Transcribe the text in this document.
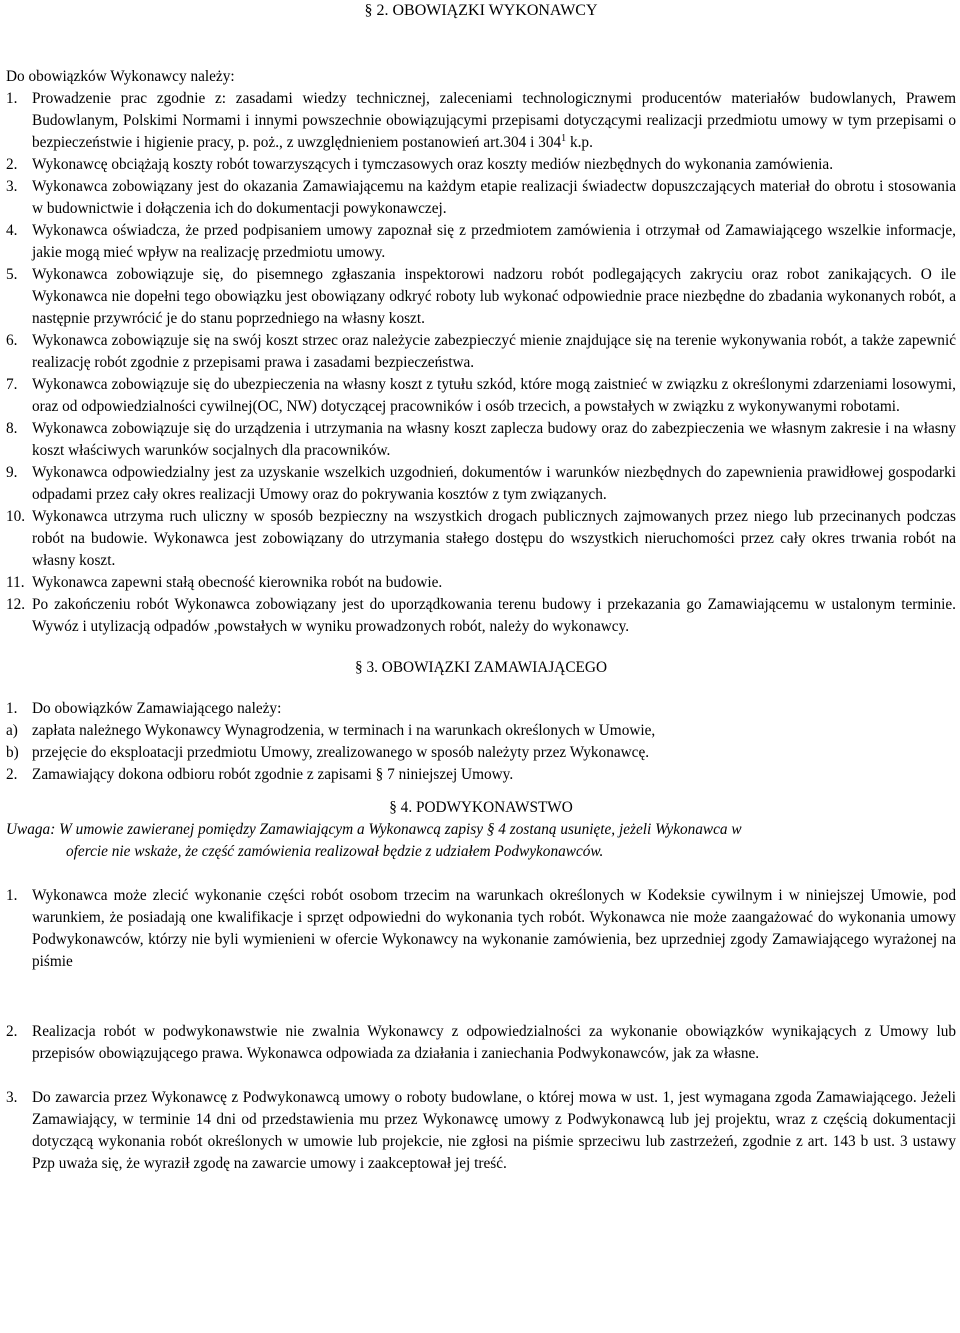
§ 2. OBOWIĄZKI WYKONAWCY
Do obowiązków Wykonawcy należy:
1. Prowadzenie prac zgodnie z: zasadami wiedzy technicznej, zaleceniami technologicznymi producentów materiałów budowlanych, Prawem Budowlanym, Polskimi Normami i innymi powszechnie obowiązującymi przepisami dotyczącymi realizacji przedmiotu umowy w tym przepisami o bezpieczeństwie i higienie pracy, p. poż., z uwzględnieniem postanowień art.304 i $304^1$ k.p.
2. Wykonawcę obciążają koszty robót towarzyszących i tymczasowych oraz koszty mediów niezbędnych do wykonania zamówienia.
3. Wykonawca zobowiązany jest do okazania Zamawiającemu na każdym etapie realizacji świadectw dopuszczających materiał do obrotu i stosowania w budownictwie i dołączenia ich do dokumentacji powykonawczej.
4. Wykonawca oświadcza, że przed podpisaniem umowy zapoznał się z przedmiotem zamówienia i otrzymał od Zamawiającego wszelkie informacje, jakie mogą mieć wpływ na realizację przedmiotu umowy.
5. Wykonawca zobowiązuje się, do pisemnego zgłaszania inspektorowi nadzoru robót podlegających zakryciu oraz robot zanikających. O ile Wykonawca nie dopełni tego obowiązku jest obowiązany odkryć roboty lub wykonać odpowiednie prace niezbędne do zbadania wykonanych robót, a następnie przywrócić je do stanu poprzedniego na własny koszt.
6. Wykonawca zobowiązuje się na swój koszt strzec oraz należycie zabezpieczyć mienie znajdujące się na terenie wykonywania robót, a także zapewnić realizację robót zgodnie z przepisami prawa i zasadami bezpieczeństwa.
7. Wykonawca zobowiązuje się do ubezpieczenia na własny koszt z tytułu szkód, które mogą zaistnieć w związku z określonymi zdarzeniami losowymi, oraz od odpowiedzialności cywilnej(OC, NW) dotyczącej pracowników i osób trzecich, a powstałych w związku z wykonywanymi robotami.
8. Wykonawca zobowiązuje się do urządzenia i utrzymania na własny koszt zaplecza budowy oraz do zabezpieczenia we własnym zakresie i na własny koszt właściwych warunków socjalnych dla pracowników.
9. Wykonawca odpowiedzialny jest za uzyskanie wszelkich uzgodnień, dokumentów i warunków niezbędnych do zapewnienia prawidłowej gospodarki odpadami przez cały okres realizacji Umowy oraz do pokrywania kosztów z tym związanych.
10. Wykonawca utrzyma ruch uliczny w sposób bezpieczny na wszystkich drogach publicznych zajmowanych przez niego lub przecinanych podczas robót na budowie. Wykonawca jest zobowiązany do utrzymania stałego dostępu do wszystkich nieruchomości przez cały okres trwania robót na własny koszt.
11. Wykonawca zapewni stałą obecność kierownika robót na budowie.
12. Po zakończeniu robót Wykonawca zobowiązany jest do uporządkowania terenu budowy i przekazania go Zamawiającemu w ustalonym terminie. Wywóz i utylizacją odpadów ,powstałych w wyniku prowadzonych robót, należy do wykonawcy.
§ 3. OBOWIĄZKI ZAMAWIAJĄCEGO
1. Do obowiązków Zamawiającego należy:
a) zapłata należnego Wykonawcy Wynagrodzenia, w terminach i na warunkach określonych w Umowie,
b) przejęcie do eksploatacji przedmiotu Umowy, zrealizowanego w sposób należyty przez Wykonawcę.
2. Zamawiający dokona odbioru robót zgodnie z zapisami § 7 niniejszej Umowy.
§ 4. PODWYKONAWSTWO
Uwaga: W umowie zawieranej pomiędzy Zamawiającym a Wykonawcą zapisy § 4 zostaną usunięte, jeżeli Wykonawca w
ofercie nie wskaże, że część zamówienia realizował będzie z udziałem Podwykonawców.
1. Wykonawca może zlecić wykonanie części robót osobom trzecim na warunkach określonych w Kodeksie cywilnym i w niniejszej Umowie, pod warunkiem, że posiadają one kwalifikacje i sprzęt odpowiedni do wykonania tych robót. Wykonawca nie może zaangażować do wykonania umowy Podwykonawców, którzy nie byli wymienieni w ofercie Wykonawcy na wykonanie zamówienia, bez uprzedniej zgody Zamawiającego wyrażonej na piśmie
2. Realizacja robót w podwykonawstwie nie zwalnia Wykonawcy z odpowiedzialności za wykonanie obowiązków wynikających z Umowy lub przepisów obowiązującego prawa. Wykonawca odpowiada za działania i zaniechania Podwykonawców, jak za własne.
3. Do zawarcia przez Wykonawcę z Podwykonawcą umowy o roboty budowlane, o której mowa w ust. 1, jest wymagana zgoda Zamawiającego. Jeżeli Zamawiający, w terminie 14 dni od przedstawienia mu przez Wykonawcę umowy z Podwykonawcą lub jej projektu, wraz z częścią dokumentacji dotyczącą wykonania robót określonych w umowie lub projekcie, nie zgłosi na piśmie sprzeciwu lub zastrzeżeń, zgodnie z art. 143 b ust. 3 ustawy Pzp uważa się, że wyraził zgodę na zawarcie umowy i zaakceptował jej treść.
